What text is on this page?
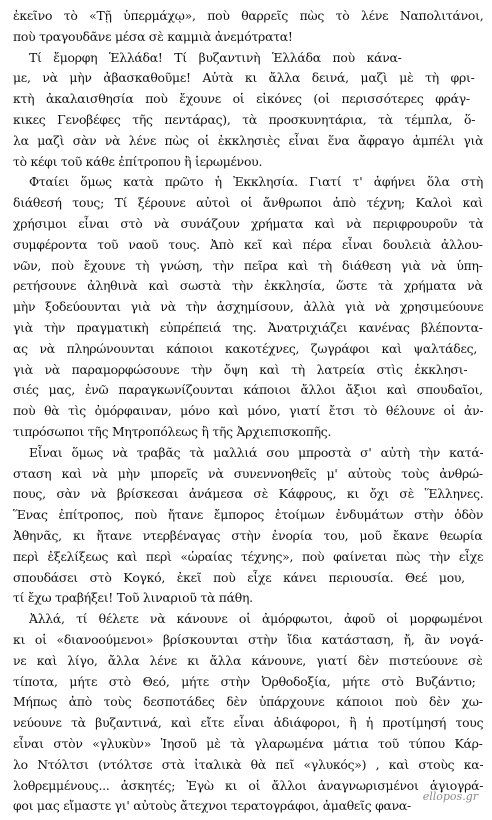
ἐκεῖνο τὸ «Τῇ ὑπερμάχῳ», ποὺ θαρρεῖς πὼς τὸ λένε Ναπολιτάνοι,
ποὺ τραγουδᾶνε μέσα σὲ καμμιὰ ἀνεμότρατα!
Τί ἔμορφη Ἑλλάδα! Τί βυζαντινὴ Ἑλλάδα ποὺ κάνα-
με, νὰ μὴν ἀβασκαθοῦμε! Αὐτὰ κι ἄλλα δεινά, μαζὶ μὲ τὴ φρι-
κτὴ ἀκαλαισθησία ποὺ ἔχουνε οἱ εἰκόνες (οἱ περισσότερες φράγ-
κικες Γενοβέφες τῆς πεντάρας), τὰ προσκυνητάρια, τὰ τέμπλα, ὅ-
λα μαζὶ σὰν νὰ λένε πὼς οἱ ἐκκλησιὲς εἶναι ἕνα ἄφραγο ἀμπέλι γιὰ
τὸ κέφι τοῦ κάθε ἐπίτροπου ἢ ἱερωμένου.
Φταίει ὅμως κατὰ πρῶτο ἡ Ἐκκλησία. Γιατί τ' ἀφήνει ὅλα στὴ
διάθεσή τους; Τί ξέρουνε αὐτοὶ οἱ ἄνθρωποι ἀπὸ τέχνη; Καλοὶ καὶ
χρήσιμοι εἶναι στὸ νὰ συνάζουν χρήματα καὶ νὰ περιφρουροῦν τὰ
συμφέροντα τοῦ ναοῦ τους. Ἀπὸ κεῖ καὶ πέρα εἶναι δουλειὰ ἀλλου-
νῶν, ποὺ ἔχουνε τὴ γνώση, τὴν πεῖρα καὶ τὴ διάθεση γιὰ νὰ ὑπη-
ρετήσουνε ἀληθινὰ καὶ σωστὰ τὴν ἐκκλησία, ὥστε τὰ χρήματα νὰ
μὴν ξοδεύουνται γιὰ νὰ τὴν ἀσχημίσουν, ἀλλὰ γιὰ νὰ χρησιμεύουνε
γιὰ τὴν πραγματικὴ εὐπρέπειά της. Ἀνατριχιάζει κανένας βλέποντα-
ας νὰ πληρώνουνται κάποιοι κακοτέχνες, ζωγράφοι καὶ ψαλτάδες,
γιὰ νὰ παραμορφώσουνε τὴν ὄψη καὶ τὴ λατρεία στὶς ἐκκλησι-
σιές μας, ἐνῶ παραγκωνίζουνται κάποιοι ἄλλοι ἄξιοι καὶ σπουδαῖοι,
ποὺ θὰ τὶς ὀμόρφαιναν, μόνο καὶ μόνο, γιατί ἔτσι τὸ θέλουνε οἱ ἀν-
τιπρόσωποι τῆς Μητροπόλεως ἢ τῆς Ἀρχιεπισκοπῆς.
Εἶναι ὅμως νὰ τραβᾶς τὰ μαλλιά σου μπροστὰ σ' αὐτὴ τὴν κατά-
σταση καὶ νὰ μὴν μπορεῖς νὰ συνεννοηθεῖς μ' αὐτοὺς τοὺς ἀνθρώ-
πους, σὰν νὰ βρίσκεσαι ἀνάμεσα σὲ Κάφρους, κι ὄχι σὲ Ἕλληνες.
Ἕνας ἐπίτροπος, ποὺ ἤτανε ἔμπορος ἑτοίμων ἐνδυμάτων στὴν ὁδὸν
Ἀθηνᾶς, κι ἤτανε ντερβέναγας στὴν ἐνορία του, μοῦ ἔκανε θεωρία
περὶ ἐξελίξεως καὶ περὶ «ὡραίας τέχνης», ποὺ φαίνεται πὼς τὴν εἶχε
σπουδάσει στὸ Κογκό, ἐκεῖ ποὺ εἶχε κάνει περιουσία. Θεέ μου,
τί ἔχω τραβήξει! Τοῦ λιναριοῦ τὰ πάθη.
Ἀλλά, τί θέλετε νὰ κάνουνε οἱ ἀμόρφωτοι, ἀφοῦ οἱ μορφωμένοι
κι οἱ «διανοούμενοι» βρίσκουνται στὴν ἴδια κατάσταση, ἤ, ἂν νογά-
νε καὶ λίγο, ἄλλα λένε κι ἄλλα κάνουνε, γιατί δὲν πιστεύουνε σὲ
τίποτα, μήτε στὸ Θεό, μήτε στὴν Ὀρθοδοξία, μήτε στὸ Βυζάντιο;
Μήπως ἀπὸ τοὺς δεσποτάδες δὲν ὑπάρχουνε κάποιοι ποὺ δὲν χω-
νεύουνε τὰ βυζαντινά, καὶ εἴτε εἶναι ἀδιάφοροι, ἢ ἡ προτίμησή τους
εἶναι στὸν «γλυκὺν» Ἰησοῦ μὲ τὰ γλαρωμένα μάτια τοῦ τύπου Κάρ-
λο Ντόλτσι (ντόλτσε στὰ ἰταλικὰ θὰ πεῖ «γλυκός») , καὶ στοὺς κα-
λοθρεμμένους... ἀσκητές; Ἐγὼ κι οἱ ἄλλοι ἀναγνωρισμένοι ἁγιογρά-
φοι μας εἴμαστε γι' αὐτοὺς ἄτεχνοι τερατογράφοι, ἀμαθεῖς φανα-
ellopos.gr
